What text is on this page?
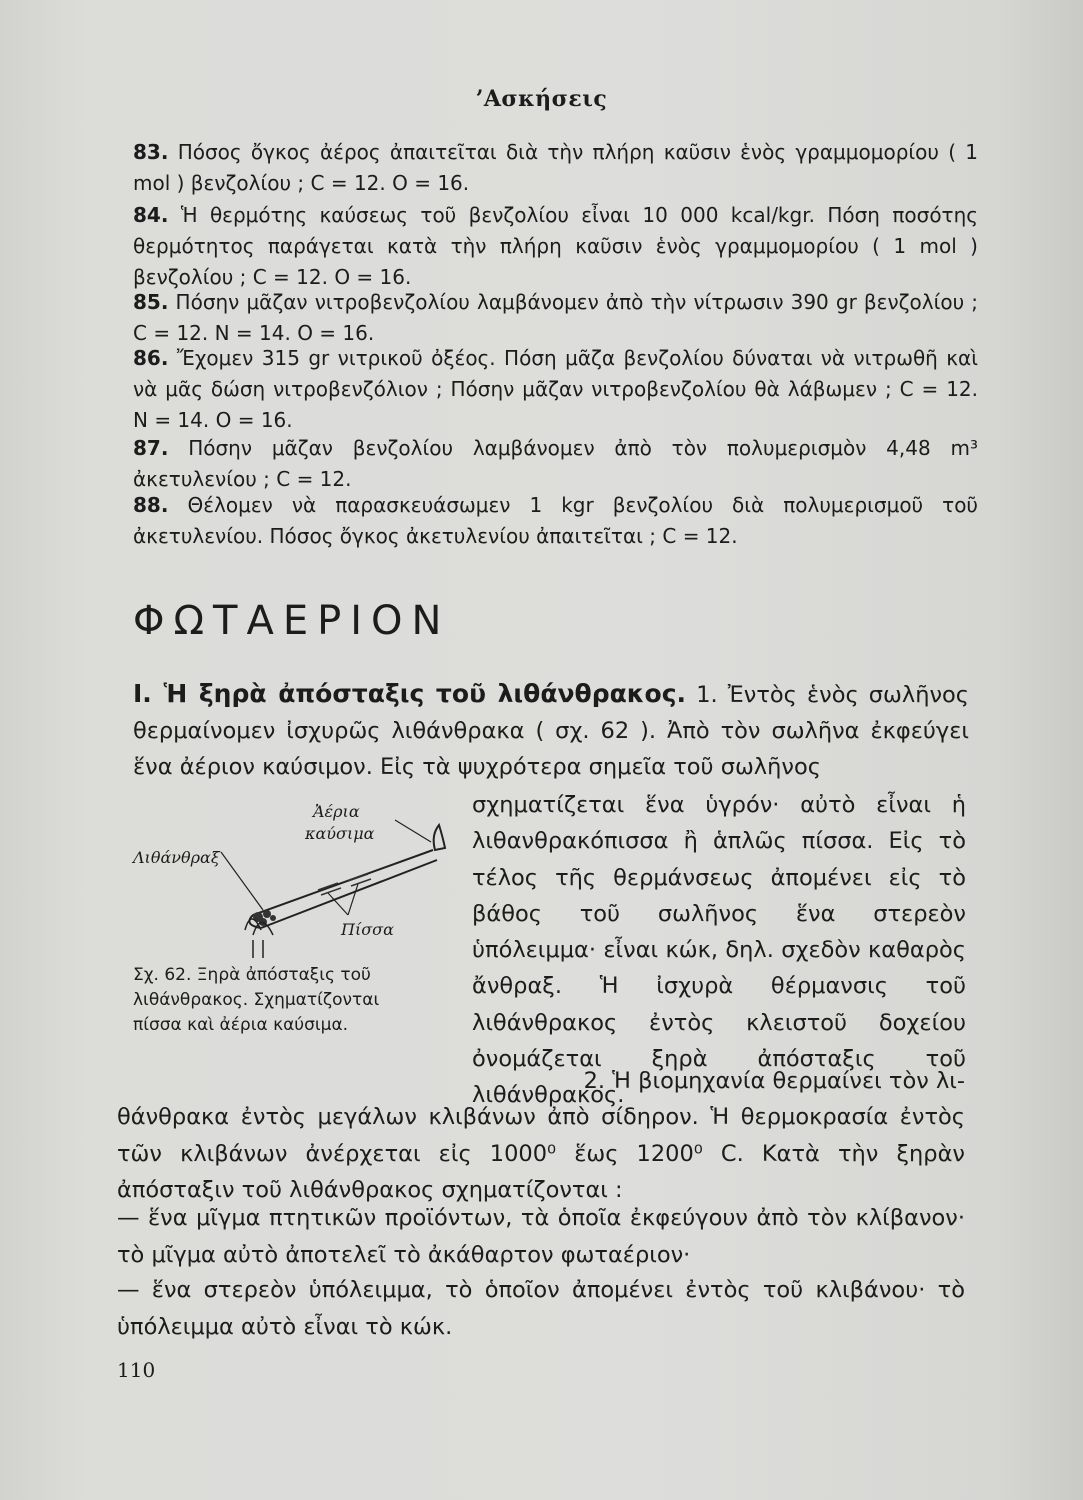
’Ασκήσεις
83. Πόσος ὄγκος ἀέρος ἀπαιτεῖται διὰ τὴν πλήρη καῦσιν ἑνὸς γραμμομορίου ( 1 mol ) βενζολίου ; C = 12. O = 16.
84. Ἡ θερμότης καύσεως τοῦ βενζολίου εἶναι 10 000 kcal/kgr. Πόση ποσότης θερμότητος παράγεται κατὰ τὴν πλήρη καῦσιν ἑνὸς γραμμομορίου ( 1 mol ) βενζολίου ; C = 12. O = 16.
85. Πόσην μᾶζαν νιτροβενζολίου λαμβάνομεν ἀπὸ τὴν νίτρωσιν 390 gr βενζολίου ; C = 12. N = 14. O = 16.
86. Ἔχομεν 315 gr νιτρικοῦ ὀξέος. Πόση μᾶζα βενζολίου δύναται νὰ νιτρωθῆ καὶ νὰ μᾶς δώση νιτροβενζόλιον ; Πόσην μᾶζαν νιτροβενζολίου θὰ λάβωμεν ; C = 12. N = 14. O = 16.
87. Πόσην μᾶζαν βενζολίου λαμβάνομεν ἀπὸ τὸν πολυμερισμὸν 4,48 m³ ἀκετυλενίου ; C = 12.
88. Θέλομεν νὰ παρασκευάσωμεν 1 kgr βενζολίου διὰ πολυμερισμοῦ τοῦ ἀκετυλενίου. Πόσος ὄγκος ἀκετυλενίου ἀπαιτεῖται ; C = 12.
ΦΩΤΑΕΡΙΟΝ
I. Ἡ ξηρὰ ἀπόσταξις τοῦ λιθάνθρακος. 1. Ἐντὸς ἑνὸς σωλῆνος θερμαίνομεν ἰσχυρῶς λιθάνθρακα ( σχ. 62 ). Ἀπὸ τὸν σωλῆνα ἐκφεύγει ἕνα ἀέριον καύσιμον. Εἰς τὰ ψυχρότερα σημεῖα τοῦ σωλῆνος
Ἀέρια
καύσιμα
Λιθάνθραξ
Πίσσα
Σχ. 62. Ξηρὰ ἀπόσταξις τοῦ λιθάνθρακος. Σχηματίζονται πίσσα καὶ ἀέρια καύσιμα.
σχηματίζεται ἕνα ὑγρόν· αὐτὸ εἶναι ἡ λιθανθρακόπισσα ἢ ἁπλῶς πίσσα. Εἰς τὸ τέλος τῆς θερμάνσεως ἀπομένει εἰς τὸ βάθος τοῦ σωλῆνος ἕνα στερεὸν ὑπόλειμμα· εἶναι κώκ, δηλ. σχεδὸν καθαρὸς ἄνθραξ. Ἡ ἰσχυρὰ θέρμανσις τοῦ λιθάνθρακος ἐντὸς κλειστοῦ δοχείου ὀνομάζεται ξηρὰ ἀπόσταξις τοῦ λιθάνθρακος.
2. Ἡ βιομηχανία θερμαίνει τὸν λι-
θάνθρακα ἐντὸς μεγάλων κλιβάνων ἀπὸ σίδηρον. Ἡ θερμοκρασία ἐντὸς τῶν κλιβάνων ἀνέρχεται εἰς 1000⁰ ἕως 1200⁰ C. Κατὰ τὴν ξηρὰν ἀπόσταξιν τοῦ λιθάνθρακος σχηματίζονται :
— ἕνα μῖγμα πτητικῶν προϊόντων, τὰ ὁποῖα ἐκφεύγουν ἀπὸ τὸν κλίβανον· τὸ μῖγμα αὐτὸ ἀποτελεῖ τὸ ἀκάθαρτον φωταέριον·
— ἕνα στερεὸν ὑπόλειμμα, τὸ ὁποῖον ἀπομένει ἐντὸς τοῦ κλιβάνου· τὸ ὑπόλειμμα αὐτὸ εἶναι τὸ κώκ.
110
